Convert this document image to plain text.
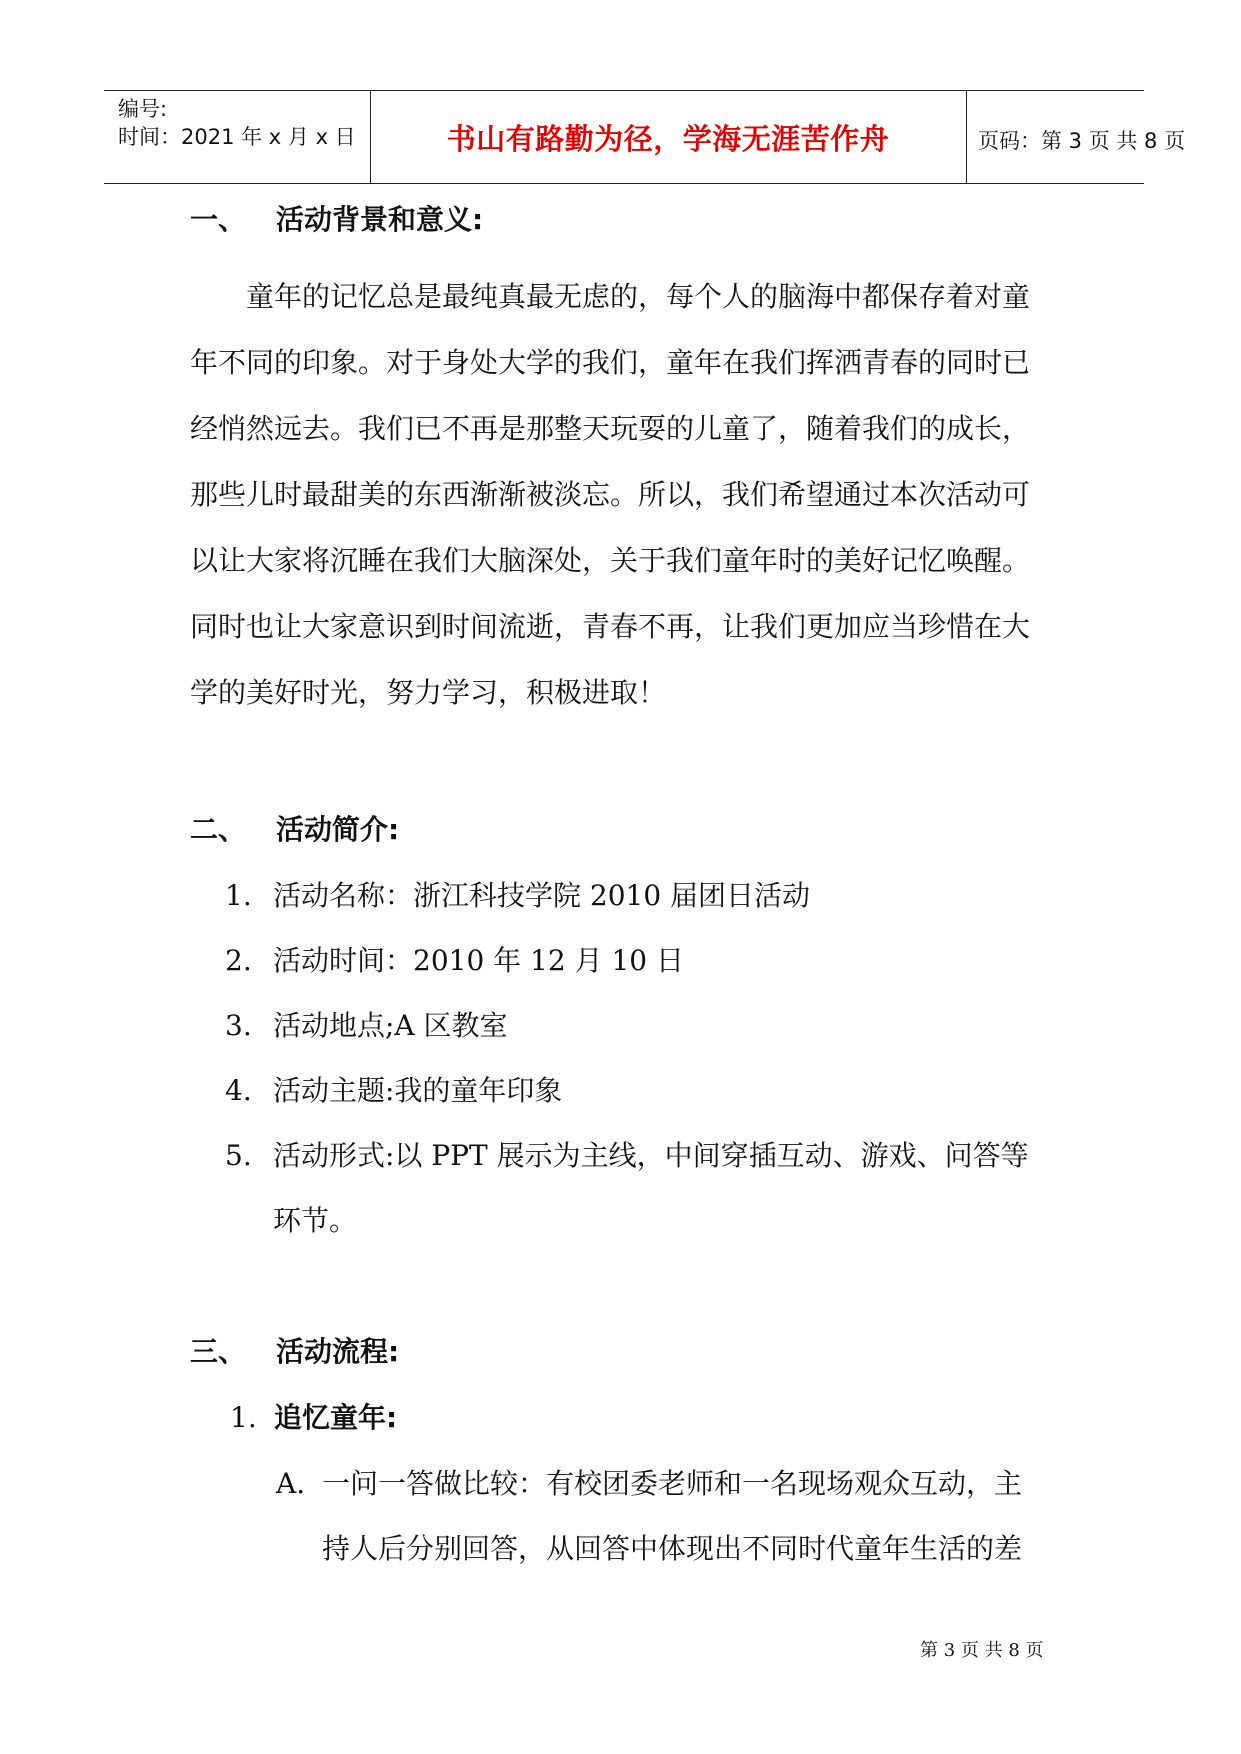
编号:
时间：2021 年 x 月 x 日	书山有路勤为径，学海无涯苦作舟	页码：第 3 页 共 8 页
一、 活动背景和意义:
童年的记忆总是最纯真最无虑的，每个人的脑海中都保存着对童
年不同的印象。对于身处大学的我们，童年在我们挥洒青春的同时已
经悄然远去。我们已不再是那整天玩耍的儿童了，随着我们的成长，
那些儿时最甜美的东西渐渐被淡忘。所以，我们希望通过本次活动可
以让大家将沉睡在我们大脑深处，关于我们童年时的美好记忆唤醒。
同时也让大家意识到时间流逝，青春不再，让我们更加应当珍惜在大
学的美好时光，努力学习，积极进取！
二、 活动简介:
1. 活动名称：浙江科技学院 2010 届团日活动
2. 活动时间：2010 年 12 月 10 日
3. 活动地点;A 区教室
4. 活动主题:我的童年印象
5. 活动形式:以 PPT 展示为主线，中间穿插互动、游戏、问答等
环节。
三、 活动流程:
1. 追忆童年:
A. 一问一答做比较：有校团委老师和一名现场观众互动，主
持人后分别回答，从回答中体现出不同时代童年生活的差
第 3 页 共 8 页
